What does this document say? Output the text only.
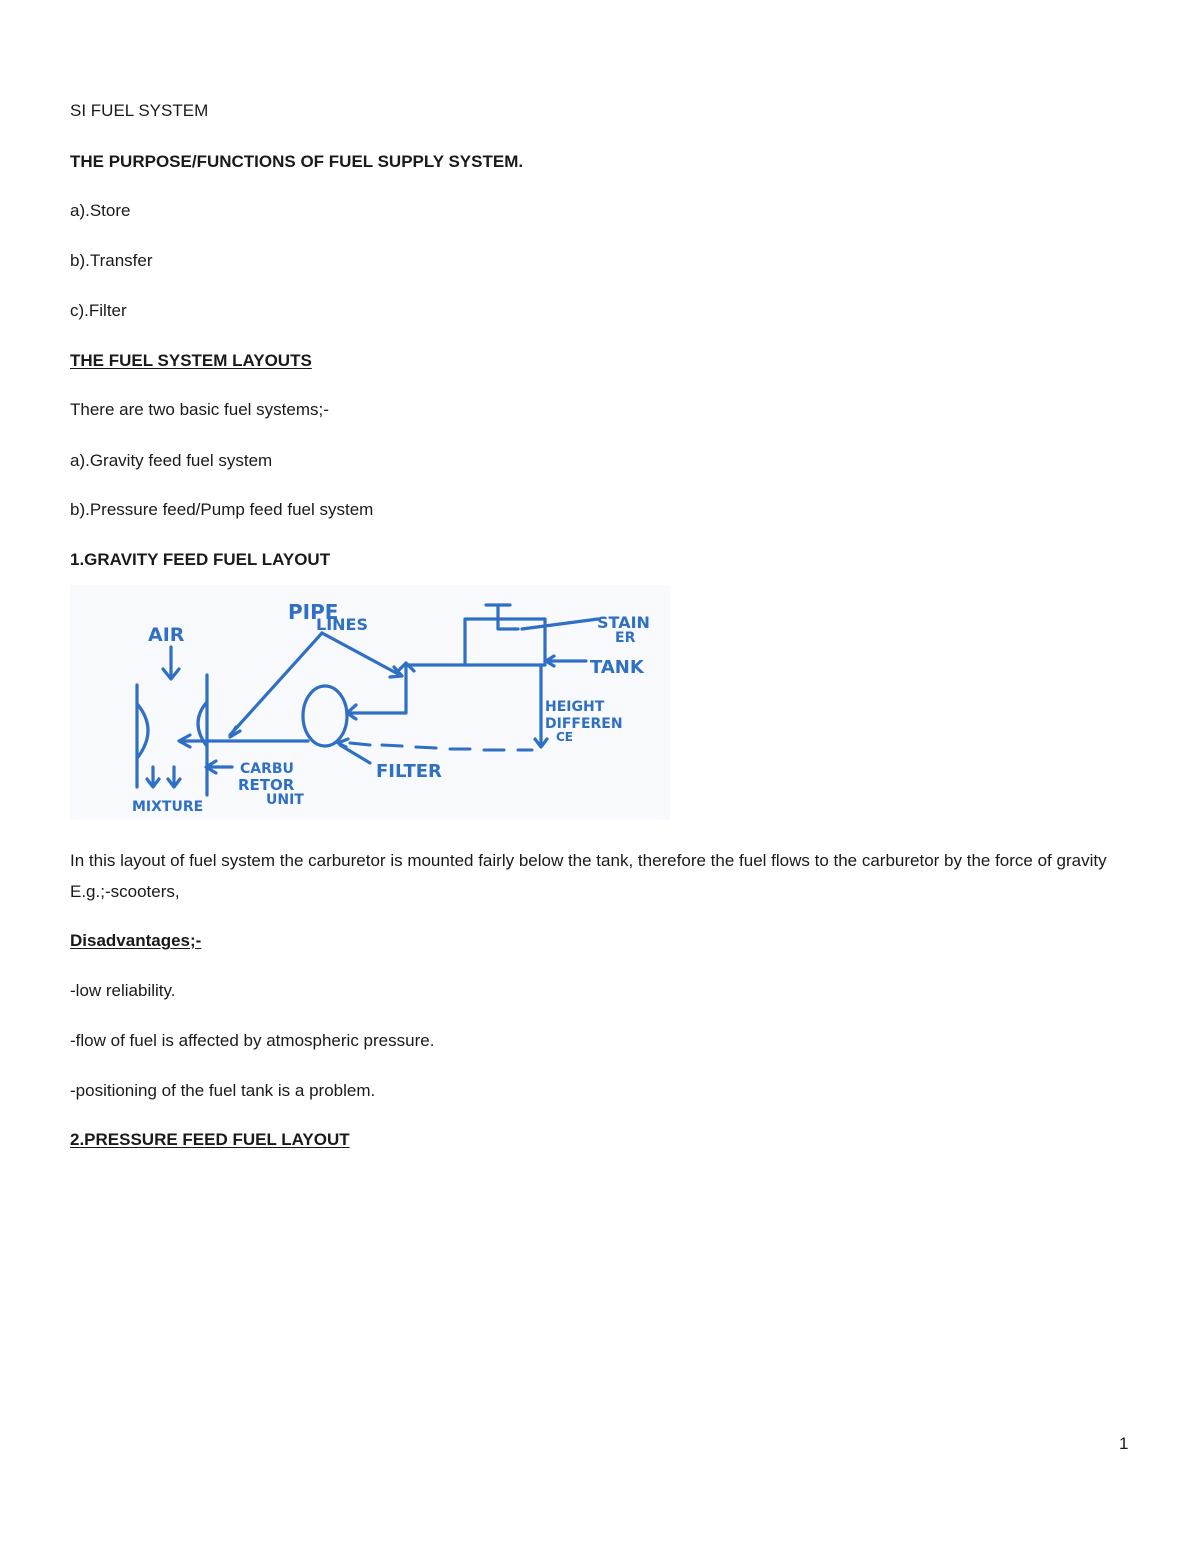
SI FUEL SYSTEM
THE PURPOSE/FUNCTIONS OF FUEL SUPPLY SYSTEM.
a).Store
b).Transfer
c).Filter
THE FUEL SYSTEM LAYOUTS
There are two basic fuel systems;-
a).Gravity feed fuel system
b).Pressure feed/Pump feed fuel system
1.GRAVITY FEED FUEL LAYOUT
AIR
PIPE
LINES	STAIN
ER
TANK
HEIGHT
DIFFEREN
CE
CARBU
RETOR
UNIT
FILTER
MIXTURE
In this layout of fuel system the carburetor is mounted fairly below the tank, therefore the fuel flows to the carburetor by the force of gravity E.g.;-scooters,
Disadvantages;-
-low reliability.
-flow of fuel is affected by atmospheric pressure.
-positioning of the fuel tank is a problem.
2.PRESSURE FEED FUEL LAYOUT
1
